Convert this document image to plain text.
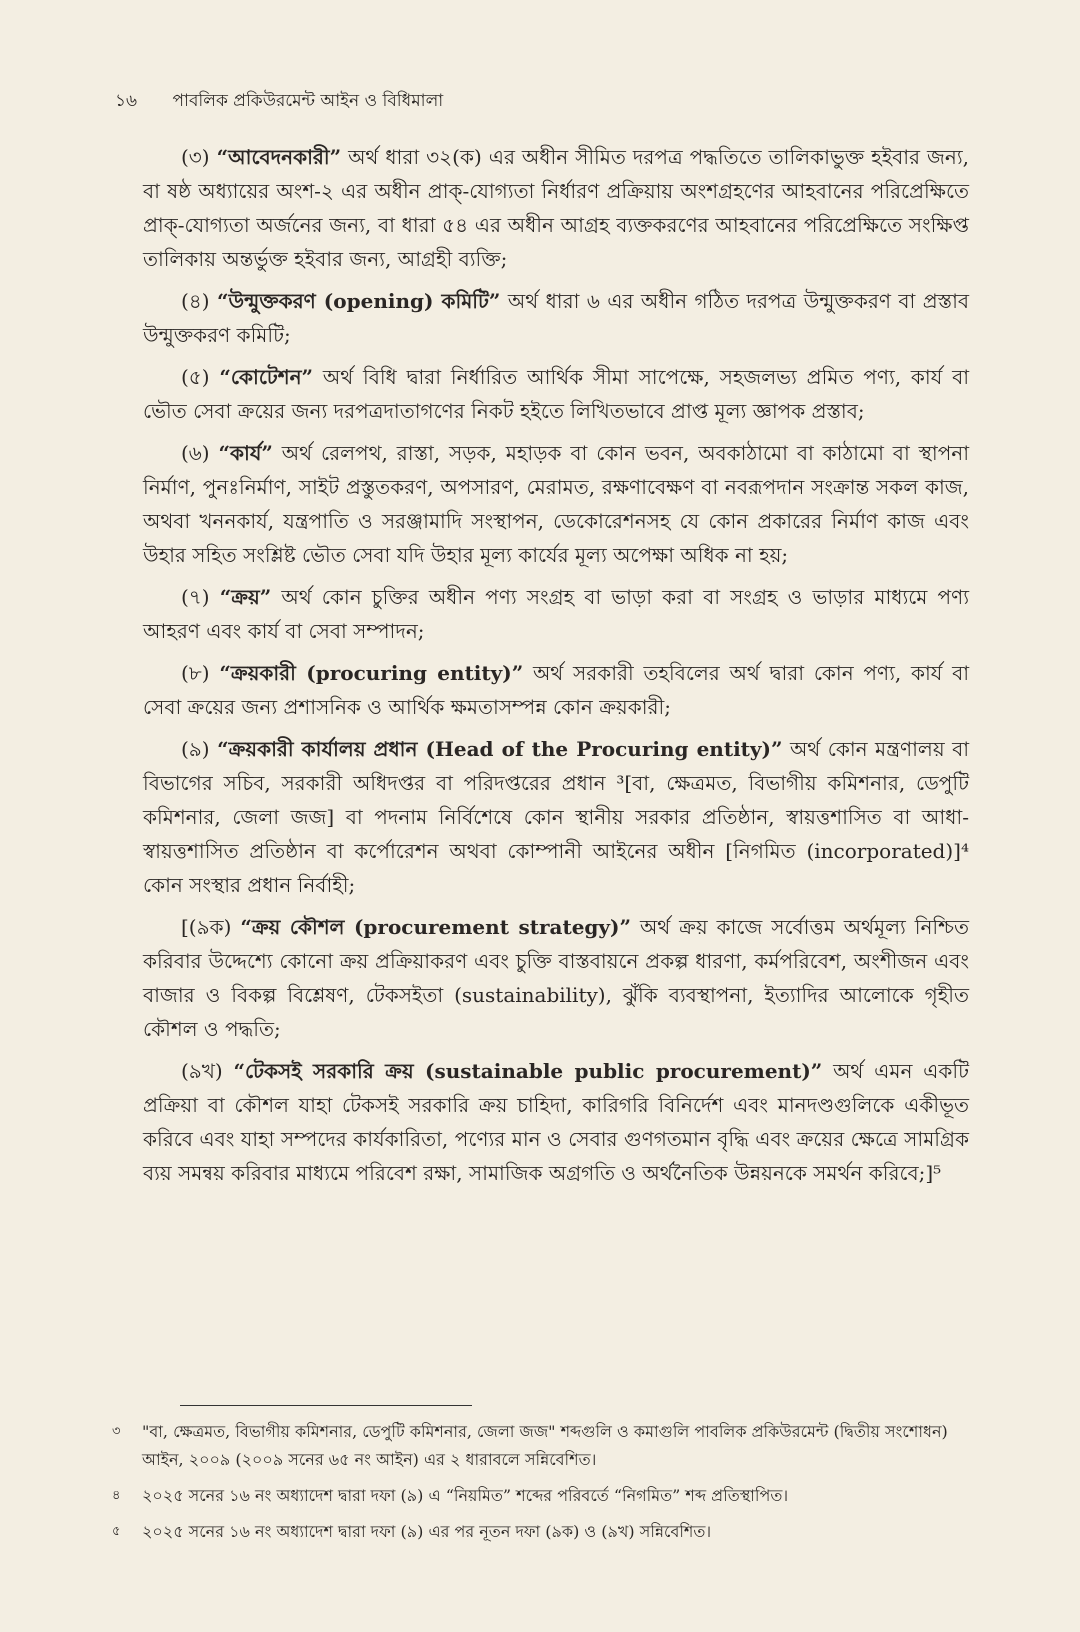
১৬ পাবলিক প্রকিউরমেন্ট আইন ও বিধিমালা

(৩) “আবেদনকারী” অর্থ ধারা ৩২(ক) এর অধীন সীমিত দরপত্র পদ্ধতিতে তালিকাভুক্ত হইবার জন্য, বা ষষ্ঠ অধ্যায়ের অংশ-২ এর অধীন প্রাক্-যোগ্যতা নির্ধারণ প্রক্রিয়ায় অংশগ্রহণের আহবানের পরিপ্রেক্ষিতে প্রাক্-যোগ্যতা অর্জনের জন্য, বা ধারা ৫৪ এর অধীন আগ্রহ ব্যক্তকরণের আহবানের পরিপ্রেক্ষিতে সংক্ষিপ্ত তালিকায় অন্তর্ভুক্ত হইবার জন্য, আগ্রহী ব্যক্তি;

(৪) “উন্মুক্তকরণ (opening) কমিটি” অর্থ ধারা ৬ এর অধীন গঠিত দরপত্র উন্মুক্তকরণ বা প্রস্তাব উন্মুক্তকরণ কমিটি;

(৫) “কোটেশন” অর্থ বিধি দ্বারা নির্ধারিত আর্থিক সীমা সাপেক্ষে, সহজলভ্য প্রমিত পণ্য, কার্য বা ভৌত সেবা ক্রয়ের জন্য দরপত্রদাতাগণের নিকট হইতে লিখিতভাবে প্রাপ্ত মূল্য জ্ঞাপক প্রস্তাব;

(৬) “কার্য” অর্থ রেলপথ, রাস্তা, সড়ক, মহাড়ক বা কোন ভবন, অবকাঠামো বা কাঠামো বা স্থাপনা নির্মাণ, পুনঃনির্মাণ, সাইট প্রস্তুতকরণ, অপসারণ, মেরামত, রক্ষণাবেক্ষণ বা নবরূপদান সংক্রান্ত সকল কাজ, অথবা খননকার্য, যন্ত্রপাতি ও সরঞ্জামাদি সংস্থাপন, ডেকোরেশনসহ যে কোন প্রকারের নির্মাণ কাজ এবং উহার সহিত সংশ্লিষ্ট ভৌত সেবা যদি উহার মূল্য কার্যের মূল্য অপেক্ষা অধিক না হয়;

(৭) “ক্রয়” অর্থ কোন চুক্তির অধীন পণ্য সংগ্রহ বা ভাড়া করা বা সংগ্রহ ও ভাড়ার মাধ্যমে পণ্য আহরণ এবং কার্য বা সেবা সম্পাদন;

(৮) “ক্রয়কারী (procuring entity)” অর্থ সরকারী তহবিলের অর্থ দ্বারা কোন পণ্য, কার্য বা সেবা ক্রয়ের জন্য প্রশাসনিক ও আর্থিক ক্ষমতাসম্পন্ন কোন ক্রয়কারী;

(৯) “ক্রয়কারী কার্যালয় প্রধান (Head of the Procuring entity)” অর্থ কোন মন্ত্রণালয় বা বিভাগের সচিব, সরকারী অধিদপ্তর বা পরিদপ্তরের প্রধান ³[বা, ক্ষেত্রমত, বিভাগীয় কমিশনার, ডেপুটি কমিশনার, জেলা জজ] বা পদনাম নির্বিশেষে কোন স্থানীয় সরকার প্রতিষ্ঠান, স্বায়ত্তশাসিত বা আধা-স্বায়ত্তশাসিত প্রতিষ্ঠান বা কর্পোরেশন অথবা কোম্পানী আইনের অধীন [নিগমিত (incorporated)]⁴ কোন সংস্থার প্রধান নির্বাহী;

[(৯ক) “ক্রয় কৌশল (procurement strategy)” অর্থ ক্রয় কাজে সর্বোত্তম অর্থমূল্য নিশ্চিত করিবার উদ্দেশ্যে কোনো ক্রয় প্রক্রিয়াকরণ এবং চুক্তি বাস্তবায়নে প্রকল্প ধারণা, কর্মপরিবেশ, অংশীজন এবং বাজার ও বিকল্প বিশ্লেষণ, টেকসইতা (sustainability), ঝুঁকি ব্যবস্থাপনা, ইত্যাদির আলোকে গৃহীত কৌশল ও পদ্ধতি;

(৯খ) “টেকসই সরকারি ক্রয় (sustainable public procurement)” অর্থ এমন একটি প্রক্রিয়া বা কৌশল যাহা টেকসই সরকারি ক্রয় চাহিদা, কারিগরি বিনির্দেশ এবং মানদণ্ডগুলিকে একীভূত করিবে এবং যাহা সম্পদের কার্যকারিতা, পণ্যের মান ও সেবার গুণগতমান বৃদ্ধি এবং ক্রয়ের ক্ষেত্রে সামগ্রিক ব্যয় সমন্বয় করিবার মাধ্যমে পরিবেশ রক্ষা, সামাজিক অগ্রগতি ও অর্থনৈতিক উন্নয়নকে সমর্থন করিবে;]⁵

৩	"বা, ক্ষেত্রমত, বিভাগীয় কমিশনার, ডেপুটি কমিশনার, জেলা জজ" শব্দগুলি ও কমাগুলি পাবলিক প্রকিউরমেন্ট (দ্বিতীয় সংশোধন) আইন, ২০০৯ (২০০৯ সনের ৬৫ নং আইন) এর ২ ধারাবলে সন্নিবেশিত।
৪	২০২৫ সনের ১৬ নং অধ্যাদেশ দ্বারা দফা (৯) এ “নিয়মিত” শব্দের পরিবর্তে “নিগমিত” শব্দ প্রতিস্থাপিত।
৫	২০২৫ সনের ১৬ নং অধ্যাদেশ দ্বারা দফা (৯) এর পর নূতন দফা (৯ক) ও (৯খ) সন্নিবেশিত।
